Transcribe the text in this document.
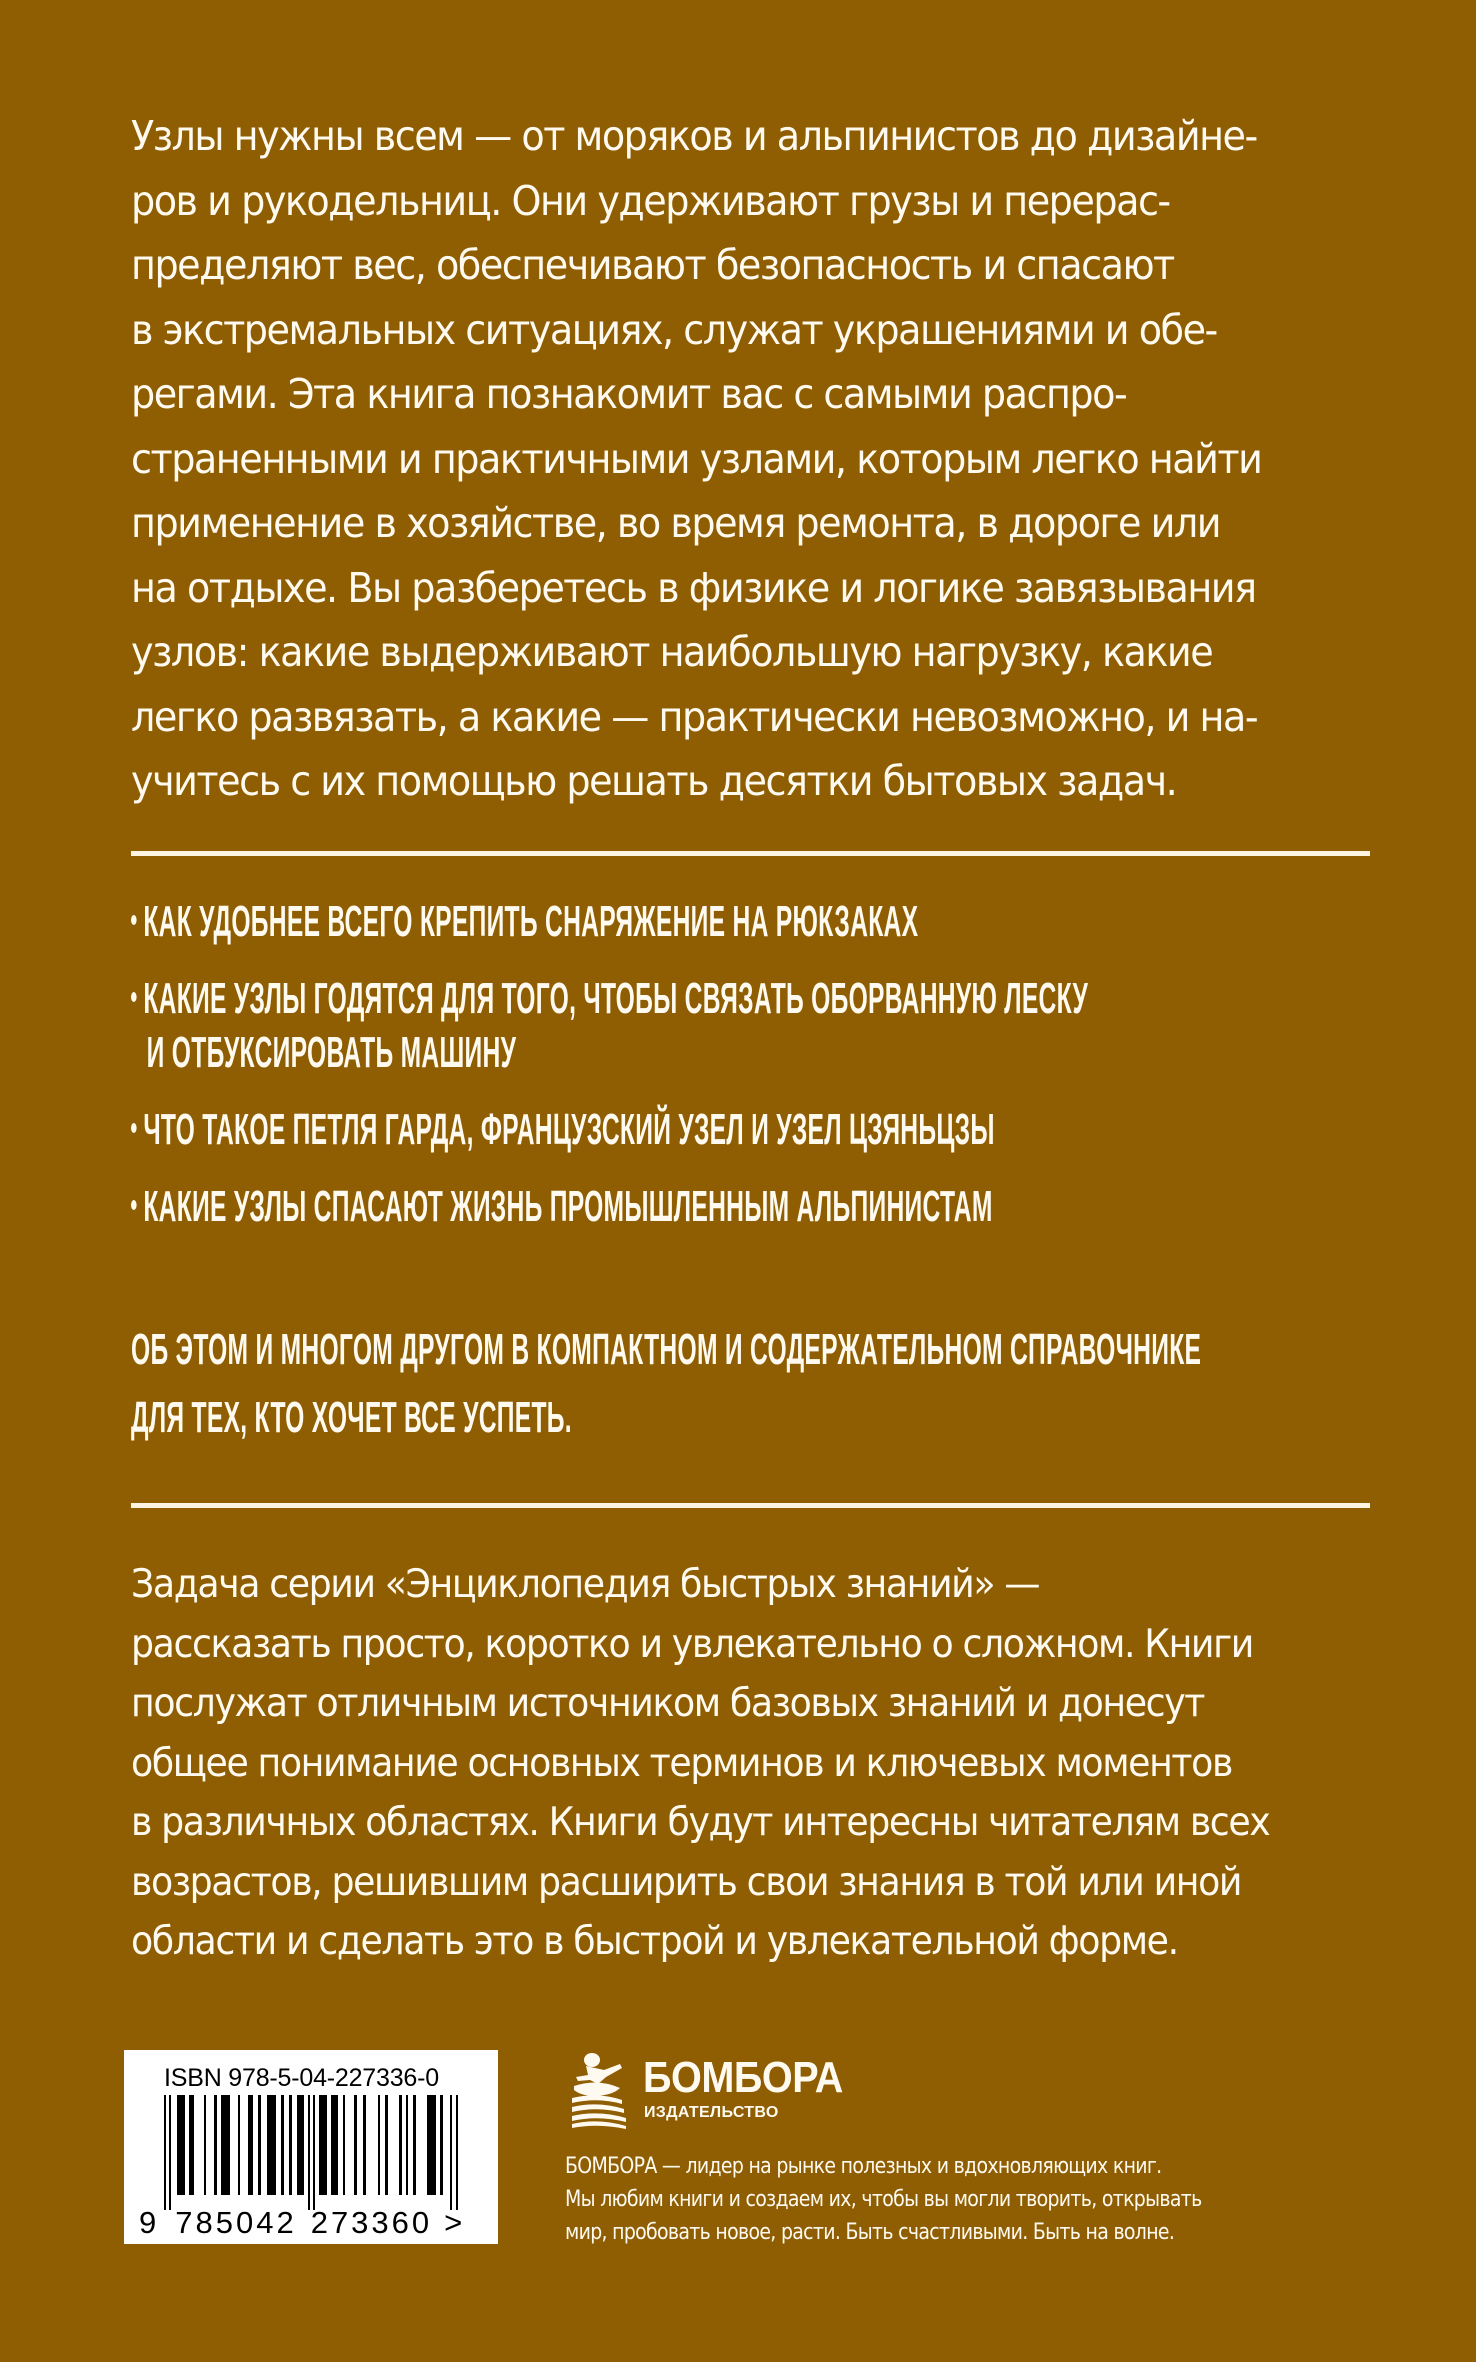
Узлы нужны всем — от моряков и альпинистов до дизайне-
ров и рукодельниц. Они удерживают грузы и перерас-
пределяют вес, обеспечивают безопасность и спасают
в экстремальных ситуациях, служат украшениями и обе-
регами. Эта книга познакомит вас с самыми распро-
страненными и практичными узлами, которым легко найти
применение в хозяйстве, во время ремонта, в дороге или
на отдыхе. Вы разберетесь в физике и логике завязывания
узлов: какие выдерживают наибольшую нагрузку, какие
легко развязать, а какие — практически невозможно, и на-
учитесь с их помощью решать десятки бытовых задач.
КАК УДОБНЕЕ ВСЕГО КРЕПИТЬ СНАРЯЖЕНИЕ НА РЮКЗАКАХ
КАКИЕ УЗЛЫ ГОДЯТСЯ ДЛЯ ТОГО, ЧТОБЫ СВЯЗАТЬ ОБОРВАННУЮ ЛЕСКУ
И ОТБУКСИРОВАТЬ МАШИНУ
ЧТО ТАКОЕ ПЕТЛЯ ГАРДА, ФРАНЦУЗСКИЙ УЗЕЛ И УЗЕЛ ЦЗЯНЬЦЗЫ
КАКИЕ УЗЛЫ СПАСАЮТ ЖИЗНЬ ПРОМЫШЛЕННЫМ АЛЬПИНИСТАМ
ОБ ЭТОМ И МНОГОМ ДРУГОМ В КОМПАКТНОМ И СОДЕРЖАТЕЛЬНОМ СПРАВОЧНИКЕ
ДЛЯ ТЕХ, КТО ХОЧЕТ ВСЕ УСПЕТЬ.
Задача серии «Энциклопедия быстрых знаний» —
рассказать просто, коротко и увлекательно о сложном. Книги
послужат отличным источником базовых знаний и донесут
общее понимание основных терминов и ключевых моментов
в различных областях. Книги будут интересны читателям всех
возрастов, решившим расширить свои знания в той или иной
области и сделать это в быстрой и увлекательной форме.
ISBN 978-5-04-227336-0
9 785042 273360 >
БОМБОРА
ИЗДАТЕЛЬСТВО
БОМБОРА — лидер на рынке полезных и вдохновляющих книг.
Мы любим книги и создаем их, чтобы вы могли творить, открывать
мир, пробовать новое, расти. Быть счастливыми. Быть на волне.
